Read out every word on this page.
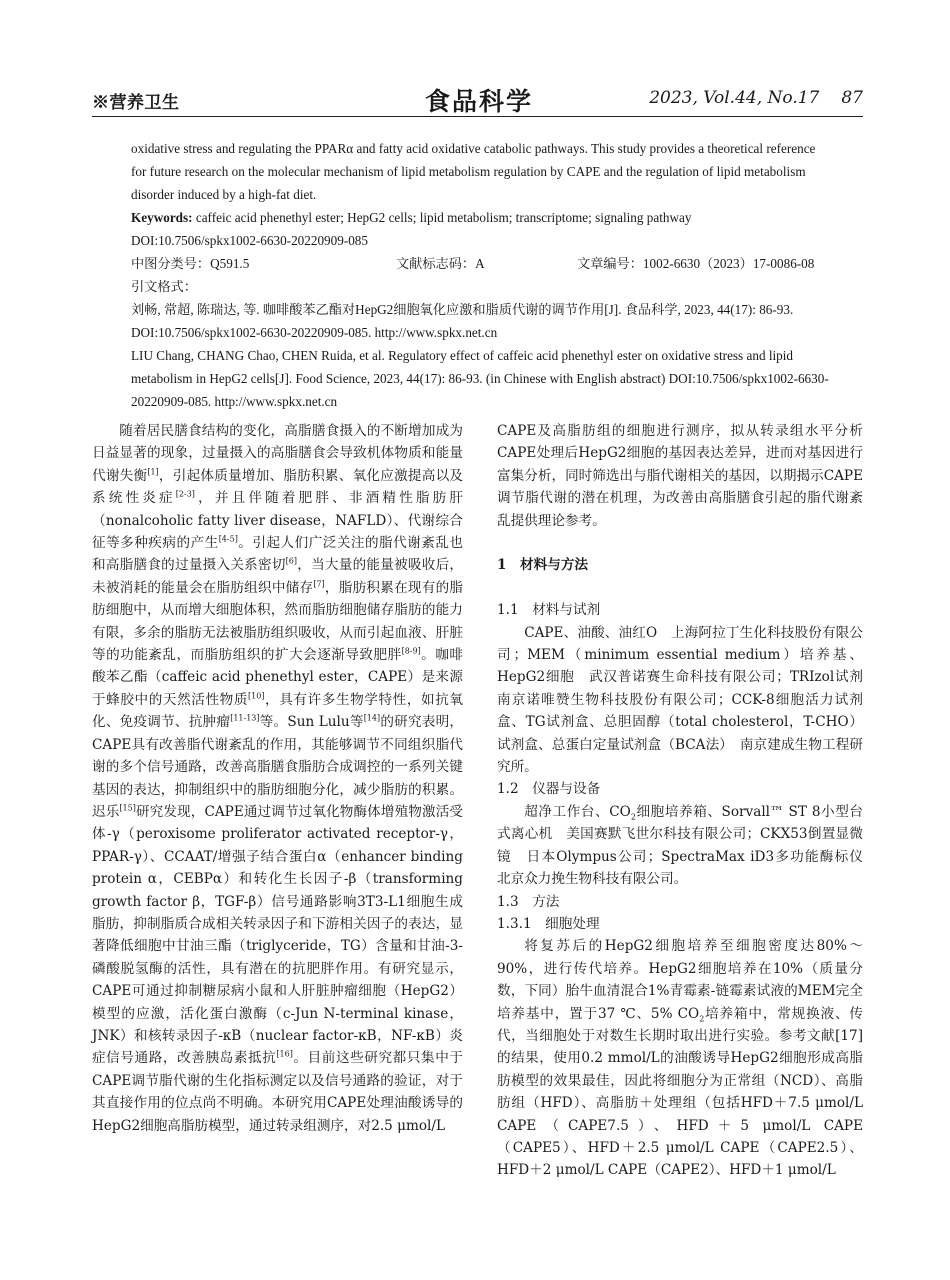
※营养卫生	食品科学	2023, Vol.44, No.17 87

oxidative stress and regulating the PPARα and fatty acid oxidative catabolic pathways. This study provides a theoretical reference for future research on the molecular mechanism of lipid metabolism regulation by CAPE and the regulation of lipid metabolism disorder induced by a high-fat diet.

Keywords: caffeic acid phenethyl ester; HepG2 cells; lipid metabolism; transcriptome; signaling pathway

DOI:10.7506/spkx1002-6630-20220909-085

中图分类号：Q591.5	文献标志码：A	文章编号：1002-6630（2023）17-0086-08

引文格式：

刘畅, 常超, 陈瑞达, 等. 咖啡酸苯乙酯对HepG2细胞氧化应激和脂质代谢的调节作用[J]. 食品科学, 2023, 44(17): 86-93. DOI:10.7506/spkx1002-6630-20220909-085. http://www.spkx.net.cn

LIU Chang, CHANG Chao, CHEN Ruida, et al. Regulatory effect of caffeic acid phenethyl ester on oxidative stress and lipid metabolism in HepG2 cells[J]. Food Science, 2023, 44(17): 86-93. (in Chinese with English abstract) DOI:10.7506/spkx1002-6630-20220909-085. http://www.spkx.net.cn

随着居民膳食结构的变化，高脂膳食摄入的不断增加成为日益显著的现象，过量摄入的高脂膳食会导致机体物质和能量代谢失衡[1]，引起体质量增加、脂肪积累、氧化应激提高以及系统性炎症[2-3]，并且伴随着肥胖、非酒精性脂肪肝（nonalcoholic fatty liver disease，NAFLD）、代谢综合征等多种疾病的产生[4-5]。引起人们广泛关注的脂代谢紊乱也和高脂膳食的过量摄入关系密切[6]，当大量的能量被吸收后，未被消耗的能量会在脂肪组织中储存[7]，脂肪积累在现有的脂肪细胞中，从而增大细胞体积，然而脂肪细胞储存脂肪的能力有限，多余的脂肪无法被脂肪组织吸收，从而引起血液、肝脏等的功能紊乱，而脂肪组织的扩大会逐渐导致肥胖[8-9]。咖啡酸苯乙酯（caffeic acid phenethyl ester，CAPE）是来源于蜂胶中的天然活性物质[10]，具有许多生物学特性，如抗氧化、免疫调节、抗肿瘤[11-13]等。Sun Lulu等[14]的研究表明，CAPE具有改善脂代谢紊乱的作用，其能够调节不同组织脂代谢的多个信号通路，改善高脂膳食脂肪合成调控的一系列关键基因的表达，抑制组织中的脂肪细胞分化，减少脂肪的积累。迟乐[15]研究发现，CAPE通过调节过氧化物酶体增殖物激活受体-γ（peroxisome proliferator activated receptor-γ，PPAR-γ）、CCAAT/增强子结合蛋白α（enhancer binding protein α，CEBPα）和转化生长因子-β（transforming growth factor β，TGF-β）信号通路影响3T3-L1细胞生成脂肪，抑制脂质合成相关转录因子和下游相关因子的表达，显著降低细胞中甘油三酯（triglyceride，TG）含量和甘油-3-磷酸脱氢酶的活性，具有潜在的抗肥胖作用。有研究显示，CAPE可通过抑制糖尿病小鼠和人肝脏肿瘤细胞（HepG2）模型的应激，活化蛋白激酶（c-Jun N-terminal kinase，JNK）和核转录因子-κB（nuclear factor-κB，NF-κB）炎症信号通路，改善胰岛素抵抗[16]。目前这些研究都只集中于CAPE调节脂代谢的生化指标测定以及信号通路的验证，对于其直接作用的位点尚不明确。本研究用CAPE处理油酸诱导的HepG2细胞高脂肪模型，通过转录组测序，对2.5 μmol/L

CAPE及高脂肪组的细胞进行测序，拟从转录组水平分析CAPE处理后HepG2细胞的基因表达差异，进而对基因进行富集分析，同时筛选出与脂代谢相关的基因，以期揭示CAPE调节脂代谢的潜在机理，为改善由高脂膳食引起的脂代谢紊乱提供理论参考。

1　材料与方法

1.1　材料与试剂

CAPE、油酸、油红O　上海阿拉丁生化科技股份有限公司；MEM（minimum essential medium）培养基、HepG2细胞　武汉普诺赛生命科技有限公司；TRIzol试剂　南京诺唯赞生物科技股份有限公司；CCK-8细胞活力试剂盒、TG试剂盒、总胆固醇（total cholesterol，T-CHO）试剂盒、总蛋白定量试剂盒（BCA法）　南京建成生物工程研究所。

1.2　仪器与设备

超净工作台、$CO_2$细胞培养箱、Sorvall™ ST 8小型台式离心机　美国赛默飞世尔科技有限公司；CKX53倒置显微镜　日本Olympus公司；SpectraMax iD3多功能酶标仪　北京众力挽生物科技有限公司。

1.3　方法

1.3.1　细胞处理

将复苏后的HepG2细胞培养至细胞密度达80%～90%，进行传代培养。HepG2细胞培养在10%（质量分数，下同）胎牛血清混合1%青霉素-链霉素试液的MEM完全培养基中，置于37 ℃、5% $CO_2$培养箱中，常规换液、传代，当细胞处于对数生长期时取出进行实验。参考文献[17]的结果，使用0.2 mmol/L的油酸诱导HepG2细胞形成高脂肪模型的效果最佳，因此将细胞分为正常组（NCD）、高脂肪组（HFD）、高脂肪＋处理组（包括HFD＋7.5 μmol/L CAPE（CAPE7.5）、HFD＋5 μmol/L CAPE（CAPE5）、HFD＋2.5 μmol/L CAPE（CAPE2.5）、HFD＋2 μmol/L CAPE（CAPE2）、HFD＋1 μmol/L
